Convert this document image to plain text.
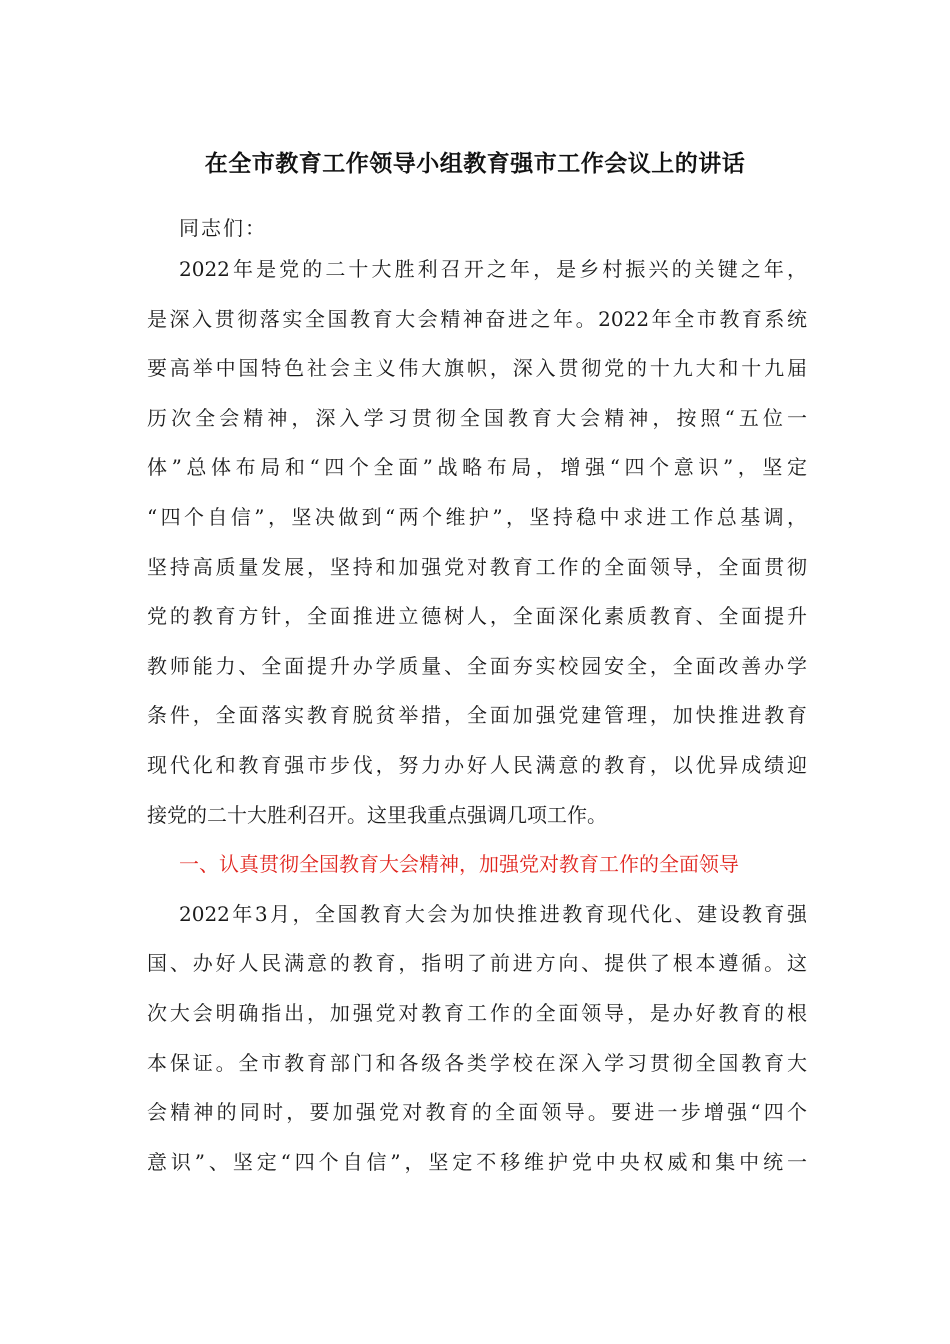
在全市教育工作领导小组教育强市工作会议上的讲话
同志们：
2022年是党的二十大胜利召开之年，是乡村振兴的关键之年，
是深入贯彻落实全国教育大会精神奋进之年。2022年全市教育系统
要高举中国特色社会主义伟大旗帜，深入贯彻党的十九大和十九届
历次全会精神，深入学习贯彻全国教育大会精神，按照“五位一
体”总体布局和“四个全面”战略布局，增强“四个意识”，坚定
“四个自信”，坚决做到“两个维护”，坚持稳中求进工作总基调，
坚持高质量发展，坚持和加强党对教育工作的全面领导，全面贯彻
党的教育方针，全面推进立德树人，全面深化素质教育、全面提升
教师能力、全面提升办学质量、全面夯实校园安全，全面改善办学
条件，全面落实教育脱贫举措，全面加强党建管理，加快推进教育
现代化和教育强市步伐，努力办好人民满意的教育，以优异成绩迎
接党的二十大胜利召开。这里我重点强调几项工作。
一、认真贯彻全国教育大会精神，加强党对教育工作的全面领导
2022年3月，全国教育大会为加快推进教育现代化、建设教育强
国、办好人民满意的教育，指明了前进方向、提供了根本遵循。这
次大会明确指出，加强党对教育工作的全面领导，是办好教育的根
本保证。全市教育部门和各级各类学校在深入学习贯彻全国教育大
会精神的同时，要加强党对教育的全面领导。要进一步增强“四个
意识”、坚定“四个自信”，坚定不移维护党中央权威和集中统一
